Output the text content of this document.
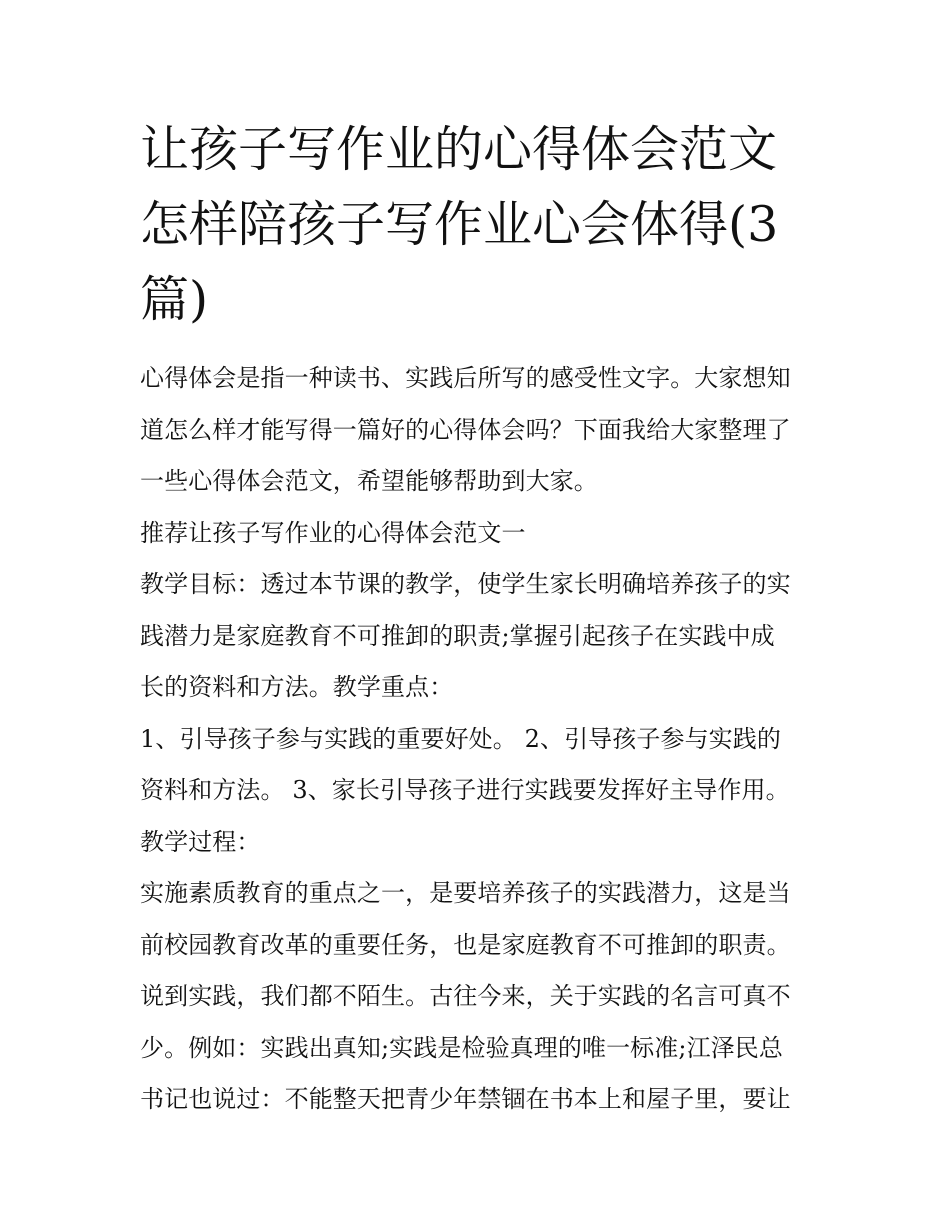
让孩子写作业的心得体会范文
怎样陪孩子写作业心会体得(3
篇)
心得体会是指一种读书、实践后所写的感受性文字。大家想知
道怎么样才能写得一篇好的心得体会吗？下面我给大家整理了
一些心得体会范文，希望能够帮助到大家。
推荐让孩子写作业的心得体会范文一
教学目标：透过本节课的教学，使学生家长明确培养孩子的实
践潜力是家庭教育不可推卸的职责;掌握引起孩子在实践中成
长的资料和方法。教学重点：
1、引导孩子参与实践的重要好处。 2、引导孩子参与实践的
资料和方法。 3、家长引导孩子进行实践要发挥好主导作用。
教学过程：
实施素质教育的重点之一，是要培养孩子的实践潜力，这是当
前校园教育改革的重要任务，也是家庭教育不可推卸的职责。
说到实践，我们都不陌生。古往今来，关于实践的名言可真不
少。例如：实践出真知;实践是检验真理的唯一标准;江泽民总
书记也说过：不能整天把青少年禁锢在书本上和屋子里，要让
